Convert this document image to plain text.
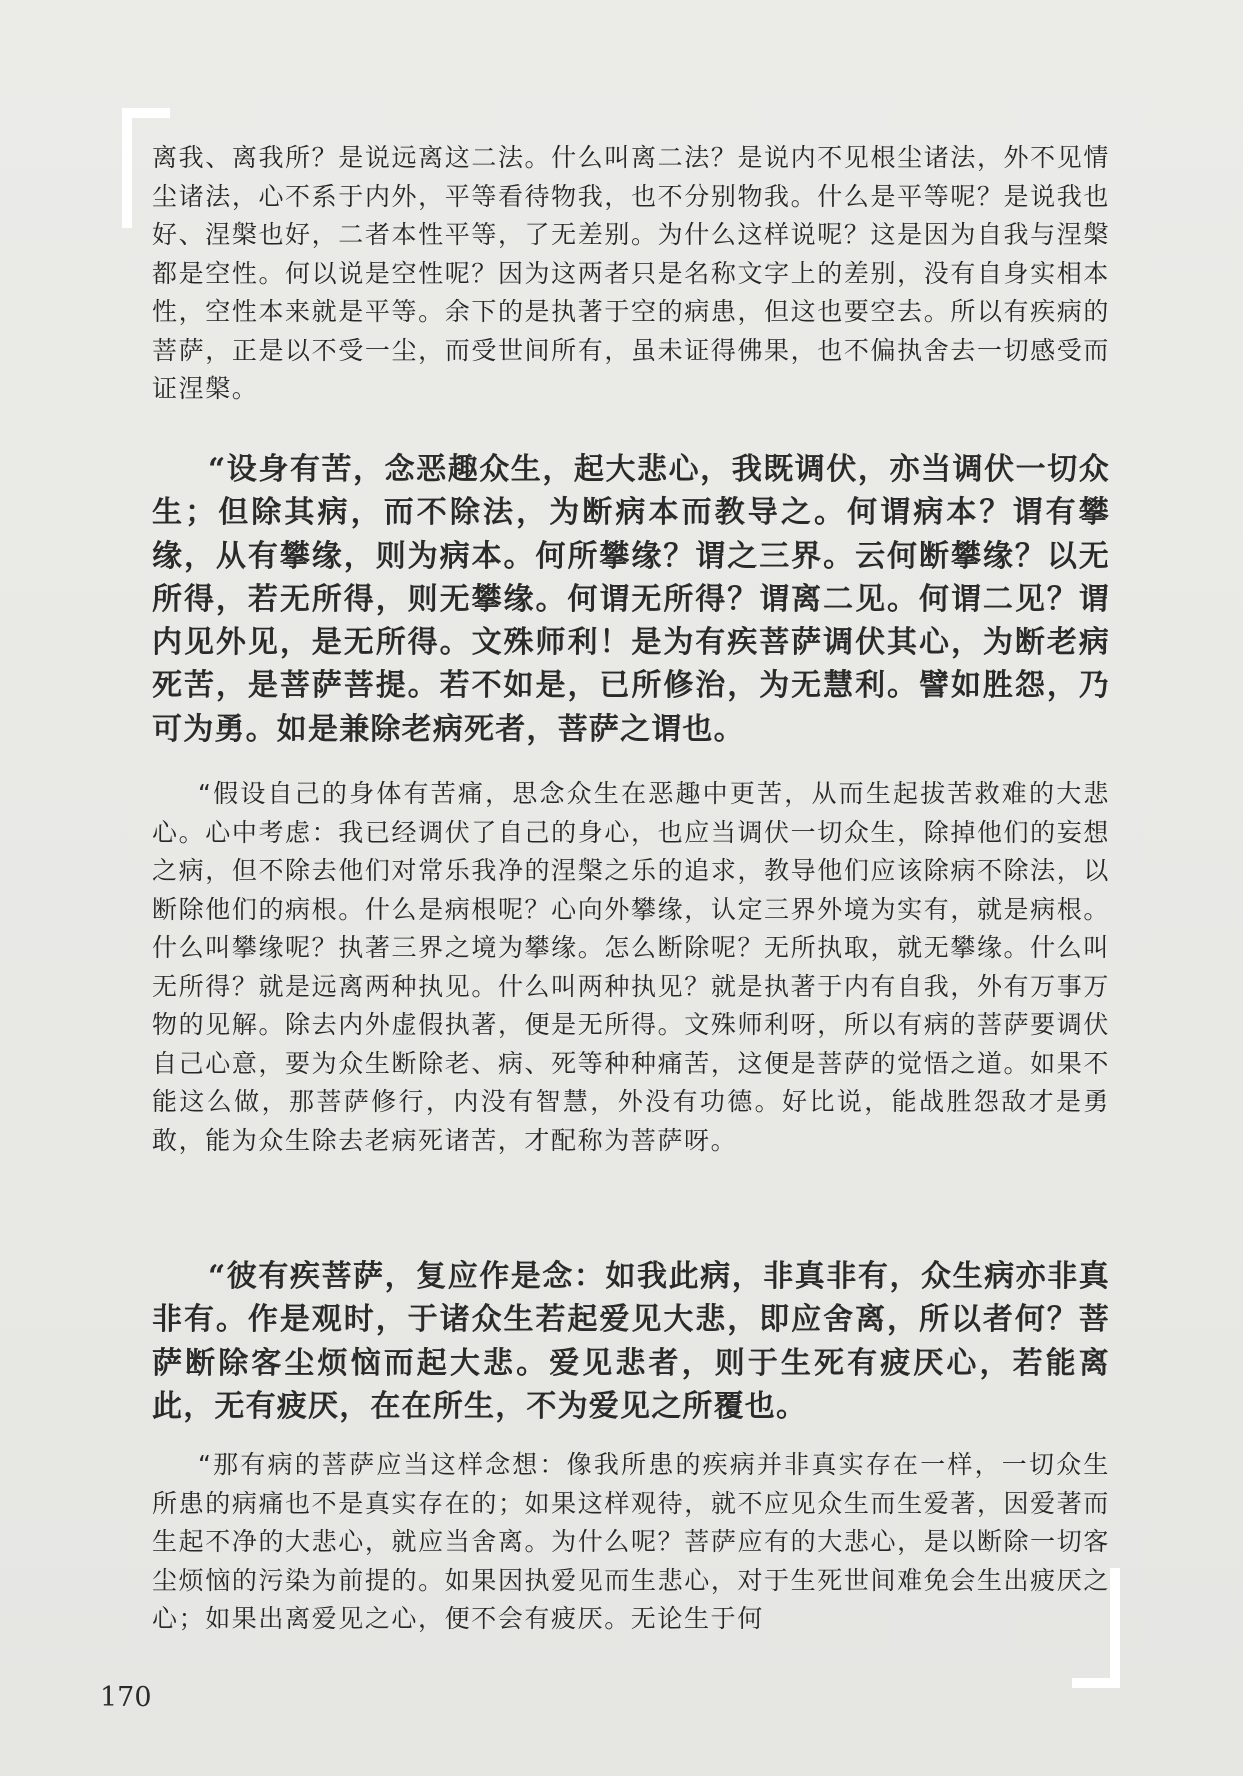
离我、离我所？是说远离这二法。什么叫离二法？是说内不见根尘诸法，外不见情尘诸法，心不系于内外，平等看待物我，也不分别物我。什么是平等呢？是说我也好、涅槃也好，二者本性平等，了无差别。为什么这样说呢？这是因为自我与涅槃都是空性。何以说是空性呢？因为这两者只是名称文字上的差别，没有自身实相本性，空性本来就是平等。余下的是执著于空的病患，但这也要空去。所以有疾病的菩萨，正是以不受一尘，而受世间所有，虽未证得佛果，也不偏执舍去一切感受而证涅槃。

“设身有苦，念恶趣众生，起大悲心，我既调伏，亦当调伏一切众生；但除其病，而不除法，为断病本而教导之。何谓病本？谓有攀缘，从有攀缘，则为病本。何所攀缘？谓之三界。云何断攀缘？以无所得，若无所得，则无攀缘。何谓无所得？谓离二见。何谓二见？谓内见外见，是无所得。文殊师利！是为有疾菩萨调伏其心，为断老病死苦，是菩萨菩提。若不如是，已所修治，为无慧利。譬如胜怨，乃可为勇。如是兼除老病死者，菩萨之谓也。

“假设自己的身体有苦痛，思念众生在恶趣中更苦，从而生起拔苦救难的大悲心。心中考虑：我已经调伏了自己的身心，也应当调伏一切众生，除掉他们的妄想之病，但不除去他们对常乐我净的涅槃之乐的追求，教导他们应该除病不除法，以断除他们的病根。什么是病根呢？心向外攀缘，认定三界外境为实有，就是病根。什么叫攀缘呢？执著三界之境为攀缘。怎么断除呢？无所执取，就无攀缘。什么叫无所得？就是远离两种执见。什么叫两种执见？就是执著于内有自我，外有万事万物的见解。除去内外虚假执著，便是无所得。文殊师利呀，所以有病的菩萨要调伏自己心意，要为众生断除老、病、死等种种痛苦，这便是菩萨的觉悟之道。如果不能这么做，那菩萨修行，内没有智慧，外没有功德。好比说，能战胜怨敌才是勇敢，能为众生除去老病死诸苦，才配称为菩萨呀。

“彼有疾菩萨，复应作是念：如我此病，非真非有，众生病亦非真非有。作是观时，于诸众生若起爱见大悲，即应舍离，所以者何？菩萨断除客尘烦恼而起大悲。爱见悲者，则于生死有疲厌心，若能离此，无有疲厌，在在所生，不为爱见之所覆也。

“那有病的菩萨应当这样念想：像我所患的疾病并非真实存在一样，一切众生所患的病痛也不是真实存在的；如果这样观待，就不应见众生而生爱著，因爱著而生起不净的大悲心，就应当舍离。为什么呢？菩萨应有的大悲心，是以断除一切客尘烦恼的污染为前提的。如果因执爱见而生悲心，对于生死世间难免会生出疲厌之心；如果出离爱见之心，便不会有疲厌。无论生于何

170
